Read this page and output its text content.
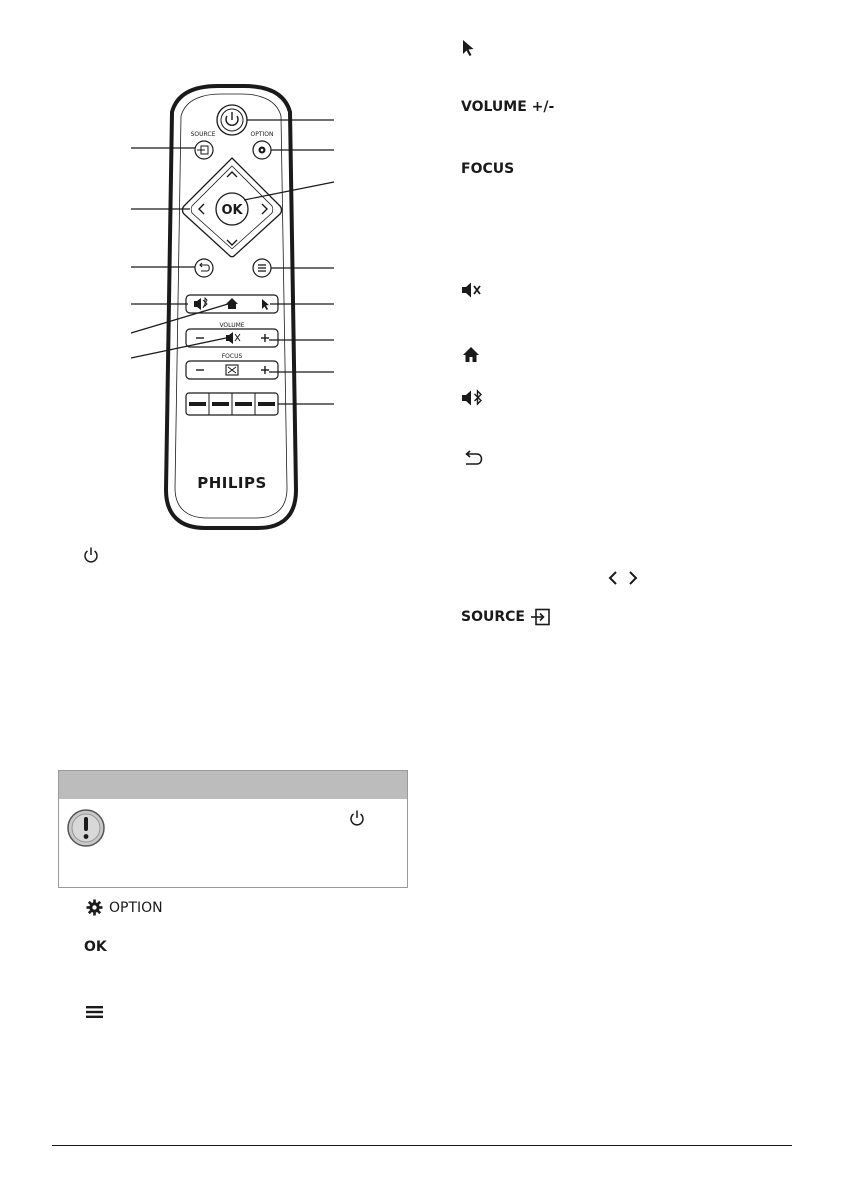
SOURCE	OPTION
OK
VOLUME
FOCUS
PHILIPS
OPTION
OK
VOLUME +/-
FOCUS
SOURCE
